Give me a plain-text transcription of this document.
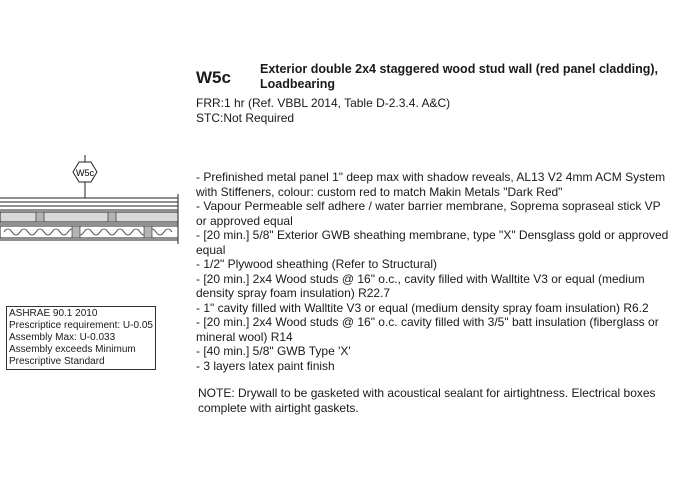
W5c Exterior double 2x4 staggered wood stud wall (red panel cladding),
Loadbearing
FRR:1 hr (Ref. VBBL 2014, Table D-2.3.4. A&C)
STC:Not Required
W5c	- Prefinished metal panel 1" deep max with shadow reveals, AL13 V2 4mm ACM System
with Stiffeners, colour: custom red to match Makin Metals "Dark Red"
- Vapour Permeable self adhere / water barrier membrane, Soprema sopraseal stick VP
or approved equal
- [20 min.] 5/8" Exterior GWB sheathing membrane, type "X" Densglass gold or approved
equal
- 1/2" Plywood sheathing (Refer to Structural)
- [20 min.] 2x4 Wood studs @ 16" o.c., cavity filled with Walltite V3 or equal (medium
density spray foam insulation) R22.7
- 1" cavity filled with Walltite V3 or equal (medium density spray foam insulation) R6.2
- [20 min.] 2x4 Wood studs @ 16" o.c. cavity filled with 3/5" batt insulation (fiberglass or
mineral wool) R14
- [40 min.] 5/8" GWB Type 'X'
- 3 layers latex paint finish
NOTE: Drywall to be gasketed with acoustical sealant for airtightness. Electrical boxes
complete with airtight gaskets.
ASHRAE 90.1 2010
Prescriptice requirement: U-0.05
Assembly Max: U-0.033
Assembly exceeds Minimum
Prescriptive Standard
